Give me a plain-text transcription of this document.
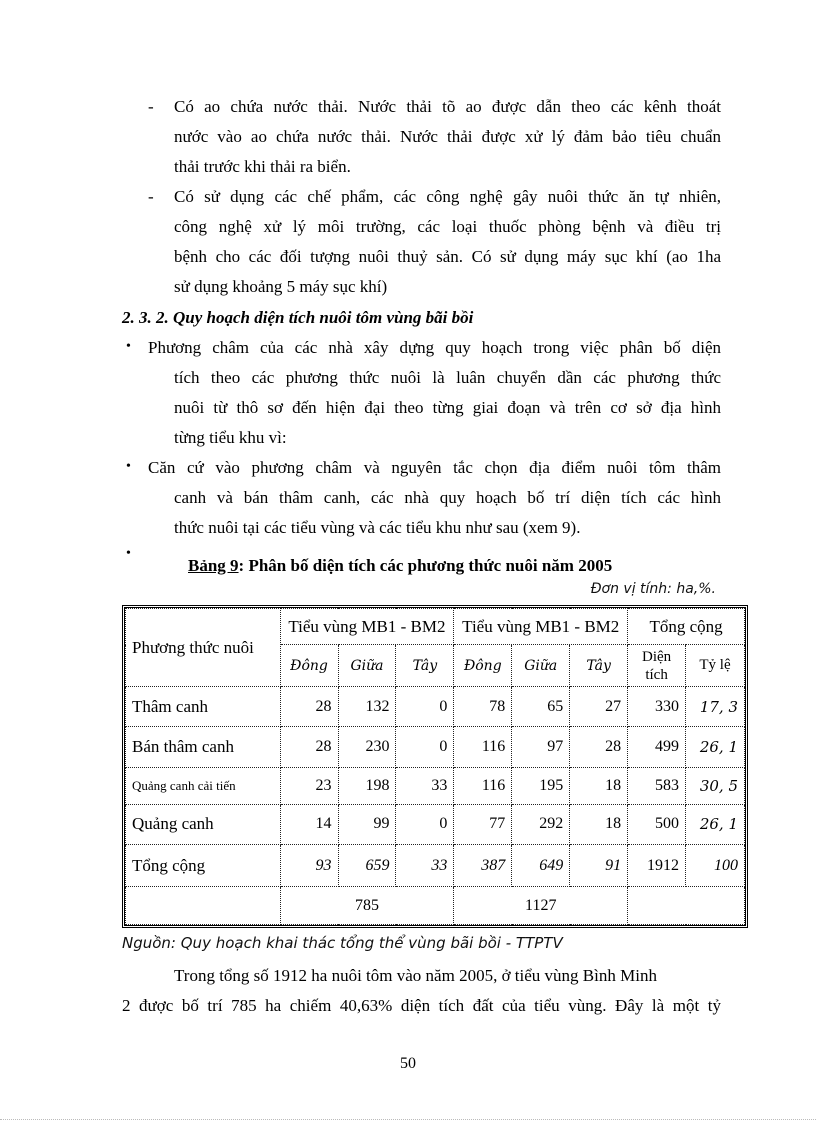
- Có ao chứa nước thải. Nước thải tõ ao được dẫn theo các kênh thoát
nước vào ao chứa nước thải. Nước thải được xử lý đảm bảo tiêu chuẩn
thải trước khi thải ra biển.
- Có sử dụng các chế phẩm, các công nghệ gây nuôi thức ăn tự nhiên,
công nghệ xử lý môi trường, các loại thuốc phòng bệnh và điều trị
bệnh cho các đối tượng nuôi thuỷ sản. Có sử dụng máy sục khí (ao 1ha
sử dụng khoảng 5 máy sục khí)
2. 3. 2. Quy hoạch diện tích nuôi tôm vùng bãi bồi
• Phương châm của các nhà xây dựng quy hoạch trong việc phân bố diện
tích theo các phương thức nuôi là luân chuyển dần các phương thức
nuôi từ thô sơ đến hiện đại theo từng giai đoạn và trên cơ sở địa hình
từng tiểu khu vì:
• Căn cứ vào phương châm và nguyên tắc chọn địa điểm nuôi tôm thâm
canh và bán thâm canh, các nhà quy hoạch bố trí diện tích các hình
thức nuôi tại các tiểu vùng và các tiểu khu như sau (xem 9).
•
Bảng 9: Phân bố diện tích các phương thức nuôi năm 2005
Đơn vị tính: ha,%.
Phương thức nuôi	Tiểu vùng MB1 - BM2			Tiểu vùng MB1 - BM2			Tổng cộng	
	Đông	Giữa	Tây	Đông	Giữa	Tây	Diện tích	Tỷ lệ
Thâm canh	28	132	0	78	65	27	330	17, 3
Bán thâm canh	28	230	0	116	97	28	499	26, 1
Quảng canh cải tiến	23	198	33	116	195	18	583	30, 5
Quảng canh	14	99	0	77	292	18	500	26, 1
Tổng cộng	93	659	33	387	649	91	1912	100
	785			1127				
Nguồn: Quy hoạch khai thác tổng thể vùng bãi bồi - TTPTV
Trong tổng số 1912 ha nuôi tôm vào năm 2005, ở tiểu vùng Bình Minh
2 được bố trí 785 ha chiếm 40,63% diện tích đất của tiểu vùng. Đây là một tỷ
50
